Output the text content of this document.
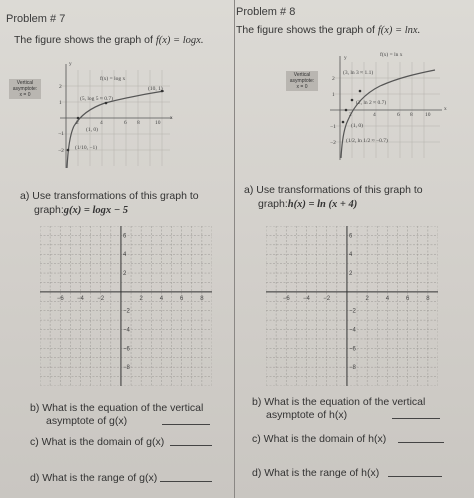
Problem # 7
The figure shows the graph of f(x) = logx.
Vertical
asymptote:
x = 0
f(x) = log x
(10, 1)
(5, log 5 ≈ 0.7)
(1, 0)
(1/10, −1)
x
y
2	4	6 8	10
2
1
−1
−2
a) Use transformations of this graph to
graph:g(x) = logx − 5
−6 −4 −2	2	4	6	8
6
4
2
−2
−4
−6
−8
b) What is the equation of the vertical
asymptote of g(x)
c) What is the domain of g(x)
d) What is the range of g(x)
Problem # 8
The figure shows the graph of f(x) = lnx.
Vertical
asymptote:
x = 0
f(x) = ln x
(3, ln 3 ≈ 1.1)
(2, ln 2 ≈ 0.7)
(1, 0)
(1/2, ln 1/2 ≈ −0.7)
x
y
2	4	6 8 10
2
1
−1
−2
a) Use transformations of this graph to
graph:h(x) = ln (x + 4)
−6 −4 −2	2	4	6	8
6
4
2
−2
−4
−6
−8
b) What is the equation of the vertical
asymptote of h(x)
c) What is the domain of h(x)
d) What is the range of h(x)
